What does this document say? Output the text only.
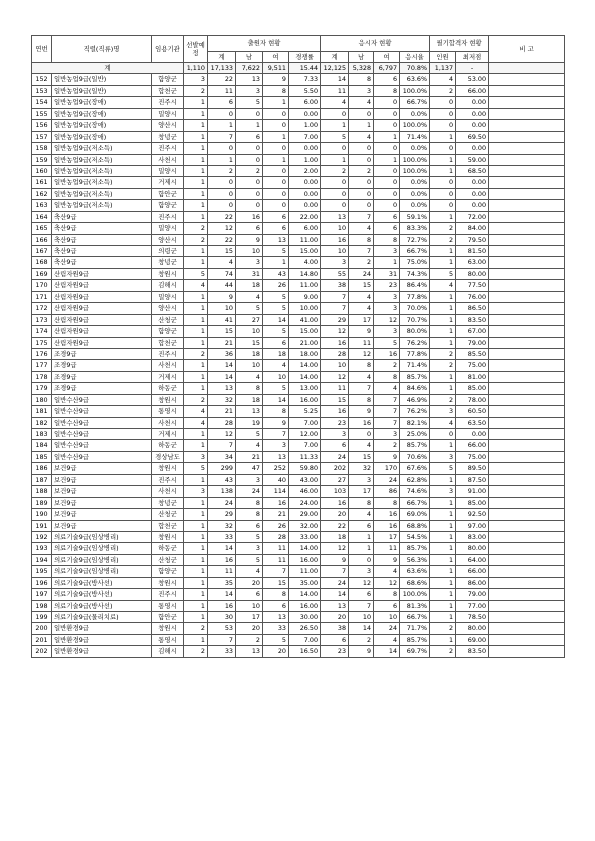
연번	직렬(직류)명	임용기관	선발예정	출원자 현황				응시자 현황				필기합격자 현황		비 고
				계	남	여	경쟁률	계	남	여	응시율	인원	최저점	
계			1,110	17,133	7,622	9,511	15.44	12,125	5,328	6,797	70.8%	1,137	-	
152	일반농업9급(일반)	함양군	3	22	13	9	7.33	14	8	6	63.6%	4	53.00	
153	일반농업9급(일반)	합천군	2	11	3	8	5.50	11	3	8	100.0%	2	66.00	
154	일반농업9급(장애)	진주시	1	6	5	1	6.00	4	4	0	66.7%	0	0.00	
155	일반농업9급(장애)	밀양시	1	0	0	0	0.00	0	0	0	0.0%	0	0.00	
156	일반농업9급(장애)	양산시	1	1	1	0	1.00	1	1	0	100.0%	0	0.00	
157	일반농업9급(장애)	창녕군	1	7	6	1	7.00	5	4	1	71.4%	1	69.50	
158	일반농업9급(저소득)	진주시	1	0	0	0	0.00	0	0	0	0.0%	0	0.00	
159	일반농업9급(저소득)	사천시	1	1	0	1	1.00	1	0	1	100.0%	1	59.00	
160	일반농업9급(저소득)	밀양시	1	2	2	0	2.00	2	2	0	100.0%	1	68.50	
161	일반농업9급(저소득)	거제시	1	0	0	0	0.00	0	0	0	0.0%	0	0.00	
162	일반농업9급(저소득)	함안군	1	0	0	0	0.00	0	0	0	0.0%	0	0.00	
163	일반농업9급(저소득)	함양군	1	0	0	0	0.00	0	0	0	0.0%	0	0.00	
164	축산9급	진주시	1	22	16	6	22.00	13	7	6	59.1%	1	72.00	
165	축산9급	밀양시	2	12	6	6	6.00	10	4	6	83.3%	2	84.00	
166	축산9급	양산시	2	22	9	13	11.00	16	8	8	72.7%	2	79.50	
167	축산9급	의령군	1	15	10	5	15.00	10	7	3	66.7%	1	81.50	
168	축산9급	창녕군	1	4	3	1	4.00	3	2	1	75.0%	1	63.00	
169	산림자원9급	창원시	5	74	31	43	14.80	55	24	31	74.3%	5	80.00	
170	산림자원9급	김해시	4	44	18	26	11.00	38	15	23	86.4%	4	77.50	
171	산림자원9급	밀양시	1	9	4	5	9.00	7	4	3	77.8%	1	76.00	
172	산림자원9급	양산시	1	10	5	5	10.00	7	4	3	70.0%	1	86.50	
173	산림자원9급	산청군	1	41	27	14	41.00	29	17	12	70.7%	1	83.50	
174	산림자원9급	함양군	1	15	10	5	15.00	12	9	3	80.0%	1	67.00	
175	산림자원9급	합천군	1	21	15	6	21.00	16	11	5	76.2%	1	79.00	
176	조경9급	진주시	2	36	18	18	18.00	28	12	16	77.8%	2	85.50	
177	조경9급	사천시	1	14	10	4	14.00	10	8	2	71.4%	2	75.00	
178	조경9급	거제시	1	14	4	10	14.00	12	4	8	85.7%	1	81.00	
179	조경9급	하동군	1	13	8	5	13.00	11	7	4	84.6%	1	85.00	
180	일반수산9급	창원시	2	32	18	14	16.00	15	8	7	46.9%	2	78.00	
181	일반수산9급	통영시	4	21	13	8	5.25	16	9	7	76.2%	3	60.50	
182	일반수산9급	사천시	4	28	19	9	7.00	23	16	7	82.1%	4	63.50	
183	일반수산9급	거제시	1	12	5	7	12.00	3	0	3	25.0%	0	0.00	
184	일반수산9급	하동군	1	7	4	3	7.00	6	4	2	85.7%	1	66.00	
185	일반수산9급	경상남도	3	34	21	13	11.33	24	15	9	70.6%	3	75.00	
186	보건9급	창원시	5	299	47	252	59.80	202	32	170	67.6%	5	89.50	
187	보건9급	진주시	1	43	3	40	43.00	27	3	24	62.8%	1	87.50	
188	보건9급	사천시	3	138	24	114	46.00	103	17	86	74.6%	3	91.00	
189	보건9급	창녕군	1	24	8	16	24.00	16	8	8	66.7%	1	85.00	
190	보건9급	산청군	1	29	8	21	29.00	20	4	16	69.0%	1	92.50	
191	보건9급	합천군	1	32	6	26	32.00	22	6	16	68.8%	1	97.00	
192	의료기술9급(임상병리)	창원시	1	33	5	28	33.00	18	1	17	54.5%	1	83.00	
193	의료기술9급(임상병리)	하동군	1	14	3	11	14.00	12	1	11	85.7%	1	80.00	
194	의료기술9급(임상병리)	산청군	1	16	5	11	16.00	9	0	9	56.3%	1	64.00	
195	의료기술9급(임상병리)	함양군	1	11	4	7	11.00	7	3	4	63.6%	1	66.00	
196	의료기술9급(방사선)	창원시	1	35	20	15	35.00	24	12	12	68.6%	1	86.00	
197	의료기술9급(방사선)	진주시	1	14	6	8	14.00	14	6	8	100.0%	1	79.00	
198	의료기술9급(방사선)	통영시	1	16	10	6	16.00	13	7	6	81.3%	1	77.00	
199	의료기술9급(물리치료)	함안군	1	30	17	13	30.00	20	10	10	66.7%	1	78.50	
200	일반환경9급	창원시	2	53	20	33	26.50	38	14	24	71.7%	2	80.00	
201	일반환경9급	통영시	1	7	2	5	7.00	6	2	4	85.7%	1	69.00	
202	일반환경9급	김해시	2	33	13	20	16.50	23	9	14	69.7%	2	83.50	
